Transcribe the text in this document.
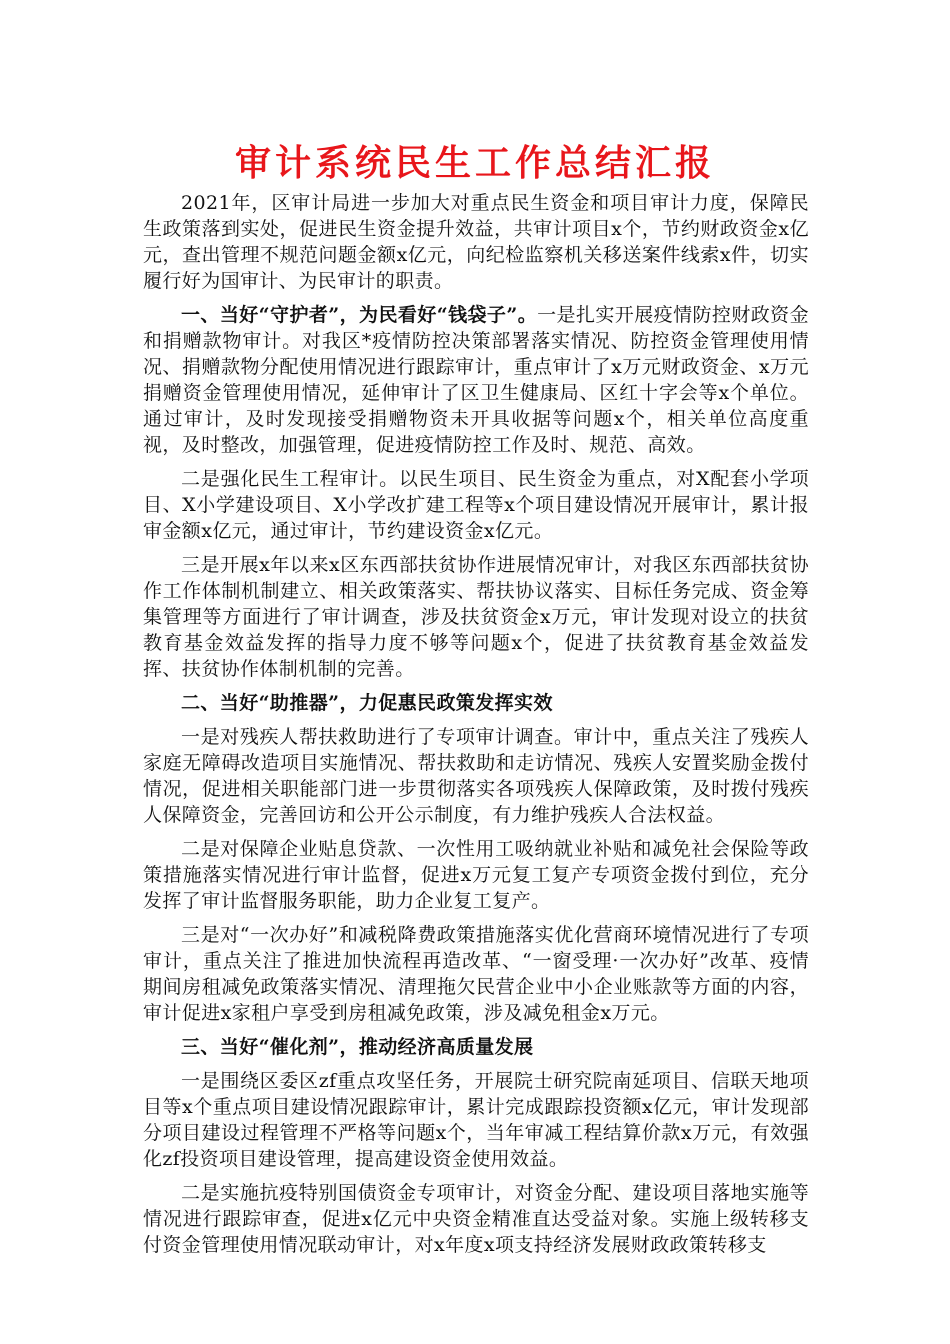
审计系统民生工作总结汇报

2021年，区审计局进一步加大对重点民生资金和项目审计力度，保障民生政策落到实处，促进民生资金提升效益，共审计项目x个，节约财政资金x亿元，查出管理不规范问题金额x亿元，向纪检监察机关移送案件线索x件，切实履行好为国审计、为民审计的职责。

一、当好“守护者”，为民看好“钱袋子”。一是扎实开展疫情防控财政资金和捐赠款物审计。对我区*疫情防控决策部署落实情况、防控资金管理使用情况、捐赠款物分配使用情况进行跟踪审计，重点审计了x万元财政资金、x万元捐赠资金管理使用情况，延伸审计了区卫生健康局、区红十字会等x个单位。通过审计，及时发现接受捐赠物资未开具收据等问题x个，相关单位高度重视，及时整改，加强管理，促进疫情防控工作及时、规范、高效。

二是强化民生工程审计。以民生项目、民生资金为重点，对X配套小学项目、X小学建设项目、X小学改扩建工程等x个项目建设情况开展审计，累计报审金额x亿元，通过审计，节约建设资金x亿元。

三是开展x年以来x区东西部扶贫协作进展情况审计，对我区东西部扶贫协作工作体制机制建立、相关政策落实、帮扶协议落实、目标任务完成、资金筹集管理等方面进行了审计调查，涉及扶贫资金x万元，审计发现对设立的扶贫教育基金效益发挥的指导力度不够等问题x个，促进了扶贫教育基金效益发挥、扶贫协作体制机制的完善。

二、当好“助推器”，力促惠民政策发挥实效

一是对残疾人帮扶救助进行了专项审计调查。审计中，重点关注了残疾人家庭无障碍改造项目实施情况、帮扶救助和走访情况、残疾人安置奖励金拨付情况，促进相关职能部门进一步贯彻落实各项残疾人保障政策，及时拨付残疾人保障资金，完善回访和公开公示制度，有力维护残疾人合法权益。

二是对保障企业贴息贷款、一次性用工吸纳就业补贴和减免社会保险等政策措施落实情况进行审计监督，促进x万元复工复产专项资金拨付到位，充分发挥了审计监督服务职能，助力企业复工复产。

三是对“一次办好”和减税降费政策措施落实优化营商环境情况进行了专项审计，重点关注了推进加快流程再造改革、“一窗受理·一次办好”改革、疫情期间房租减免政策落实情况、清理拖欠民营企业中小企业账款等方面的内容，审计促进x家租户享受到房租减免政策，涉及减免租金x万元。

三、当好“催化剂”，推动经济高质量发展

一是围绕区委区zf重点攻坚任务，开展院士研究院南延项目、信联天地项目等x个重点项目建设情况跟踪审计，累计完成跟踪投资额x亿元，审计发现部分项目建设过程管理不严格等问题x个，当年审减工程结算价款x万元，有效强化zf投资项目建设管理，提高建设资金使用效益。

二是实施抗疫特别国债资金专项审计，对资金分配、建设项目落地实施等情况进行跟踪审查，促进x亿元中央资金精准直达受益对象。实施上级转移支付资金管理使用情况联动审计，对x年度x项支持经济发展财政政策转移支
